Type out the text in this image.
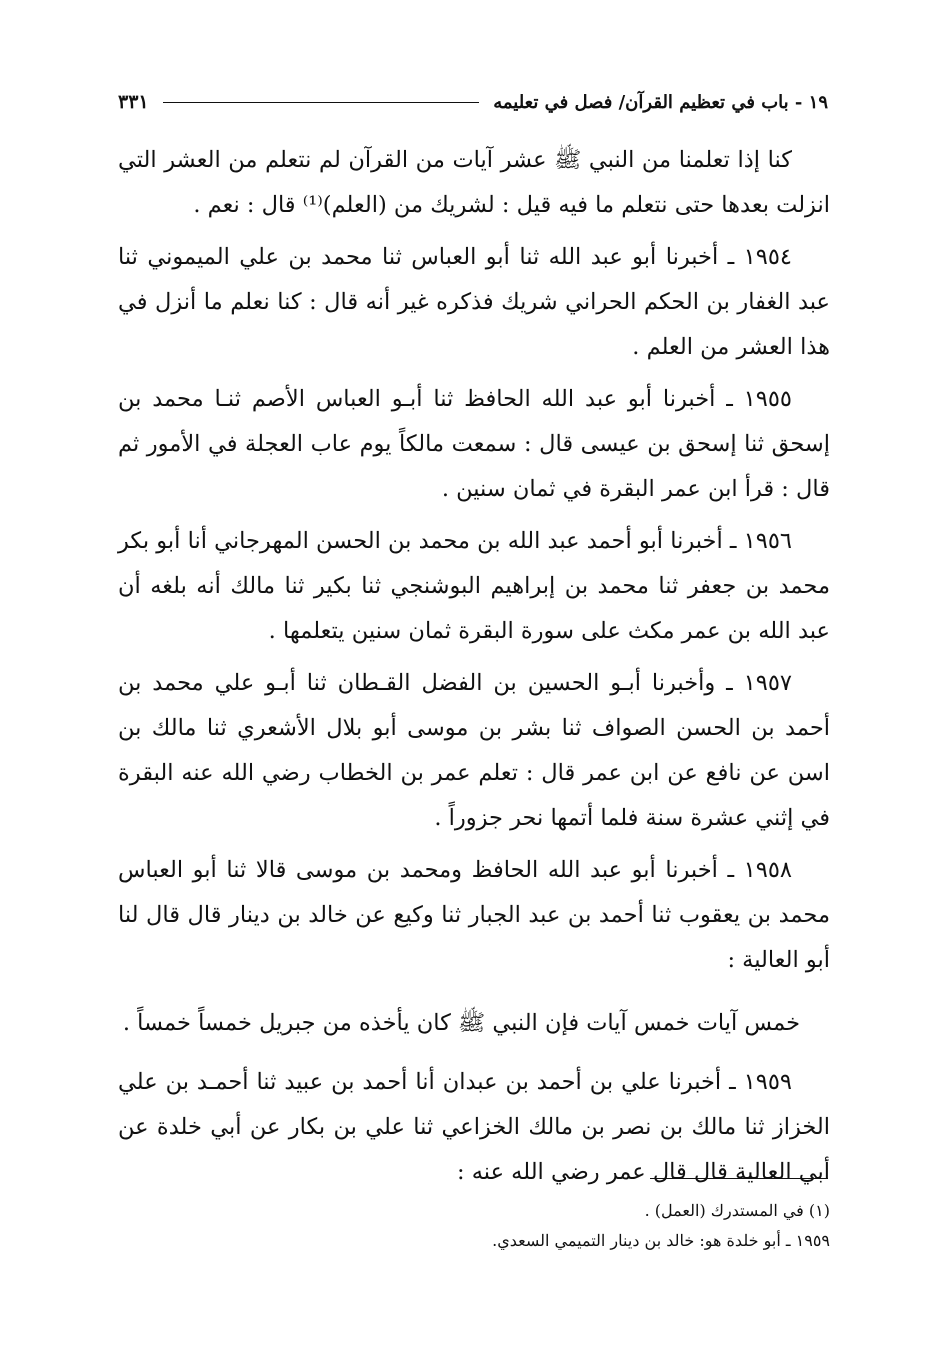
١٩ - باب في تعظيم القرآن/ فصل في تعليمه
٣٣١

كنا إذا تعلمنا من النبي ﷺ عشر آيات من القرآن لم نتعلم من العشر التي انزلت بعدها حتى نتعلم ما فيه قيل : لشريك من (العلم)⁽¹⁾ قال : نعم .

١٩٥٤ ـ أخبرنا أبو عبد الله ثنا أبو العباس ثنا محمد بن علي الميموني ثنا عبد الغفار بن الحكم الحراني شريك فذكره غير أنه قال : كنا نعلم ما أنزل في هذا العشر من العلم .

١٩٥٥ ـ أخبرنا أبو عبد الله الحافظ ثنا أبـو العباس الأصم ثنـا محمد بن إسحق ثنا إسحق بن عيسى قال : سمعت مالكاً يوم عاب العجلة في الأمور ثم قال : قرأ ابن عمر البقرة في ثمان سنين .

١٩٥٦ ـ أخبرنا أبو أحمد عبد الله بن محمد بن الحسن المهرجاني أنا أبو بكر محمد بن جعفر ثنا محمد بن إبراهيم البوشنجي ثنا بكير ثنا مالك أنه بلغه أن عبد الله بن عمر مكث على سورة البقرة ثمان سنين يتعلمها .

١٩٥٧ ـ وأخبرنا أبـو الحسين بن الفضل القـطان ثنا أبـو علي محمد بن أحمد بن الحسن الصواف ثنا بشر بن موسى أبو بلال الأشعري ثنا مالك بن اسن عن نافع عن ابن عمر قال : تعلم عمر بن الخطاب رضي الله عنه البقرة في إثني عشرة سنة فلما أتمها نحر جزوراً .

١٩٥٨ ـ أخبرنا أبو عبد الله الحافظ ومحمد بن موسى قالا ثنا أبو العباس محمد بن يعقوب ثنا أحمد بن عبد الجبار ثنا وكيع عن خالد بن دينار قال قال لنا أبو العالية :

خمس آيات خمس آيات فإن النبي ﷺ كان يأخذه من جبريل خمساً خمساً .

١٩٥٩ ـ أخبرنا علي بن أحمد بن عبدان أنا أحمد بن عبيد ثنا أحمـد بن علي الخزاز ثنا مالك بن نصر بن مالك الخزاعي ثنا علي بن بكار عن أبي خلدة عن أبي العالية قال قال عمر رضي الله عنه :

(١) في المستدرك (العمل) .
١٩٥٩ ـ أبو خلدة هو: خالد بن دينار التميمي السعدي.
